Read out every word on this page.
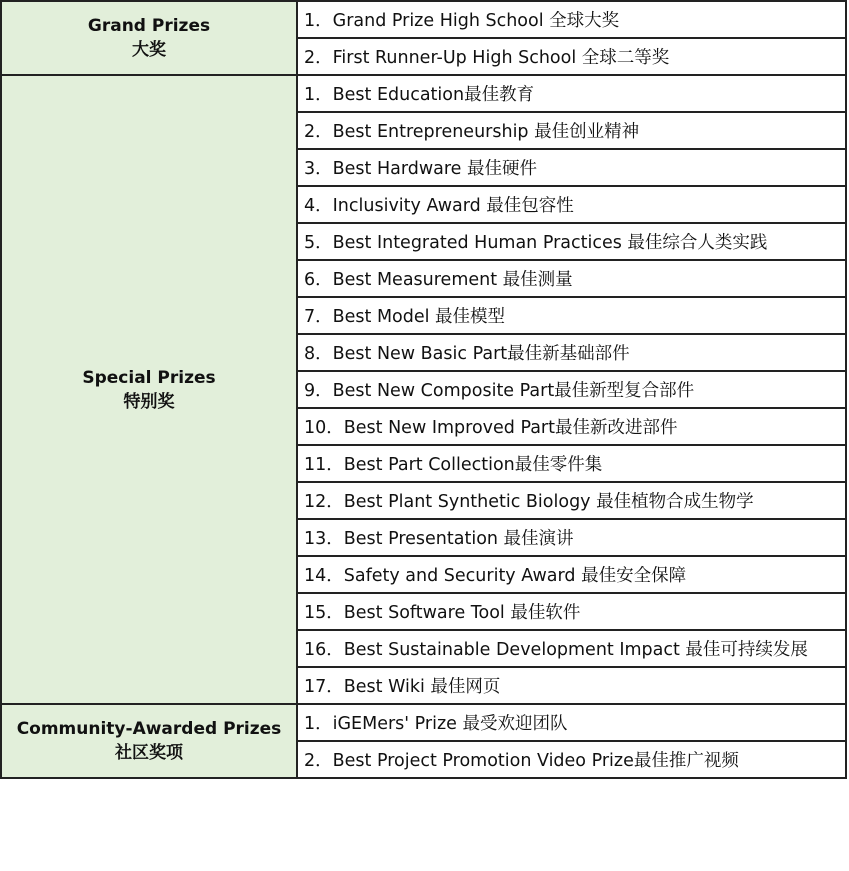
Grand Prizes
大奖	1．Grand Prize High School 全球大奖
	2．First Runner-Up High School 全球二等奖

Special Prizes
特别奖	1．Best Education最佳教育
	2．Best Entrepreneurship 最佳创业精神
	3．Best Hardware 最佳硬件
	4．Inclusivity Award 最佳包容性
	5．Best Integrated Human Practices 最佳综合人类实践
	6．Best Measurement 最佳测量
	7．Best Model 最佳模型
	8．Best New Basic Part最佳新基础部件
	9．Best New Composite Part最佳新型复合部件
	10．Best New Improved Part最佳新改进部件
	11．Best Part Collection最佳零件集
	12．Best Plant Synthetic Biology 最佳植物合成生物学
	13．Best Presentation 最佳演讲
	14．Safety and Security Award 最佳安全保障
	15．Best Software Tool 最佳软件
	16．Best Sustainable Development Impact 最佳可持续发展
	17．Best Wiki 最佳网页

Community-Awarded Prizes
社区奖项	1．iGEMers' Prize 最受欢迎团队
	2．Best Project Promotion Video Prize最佳推广视频
